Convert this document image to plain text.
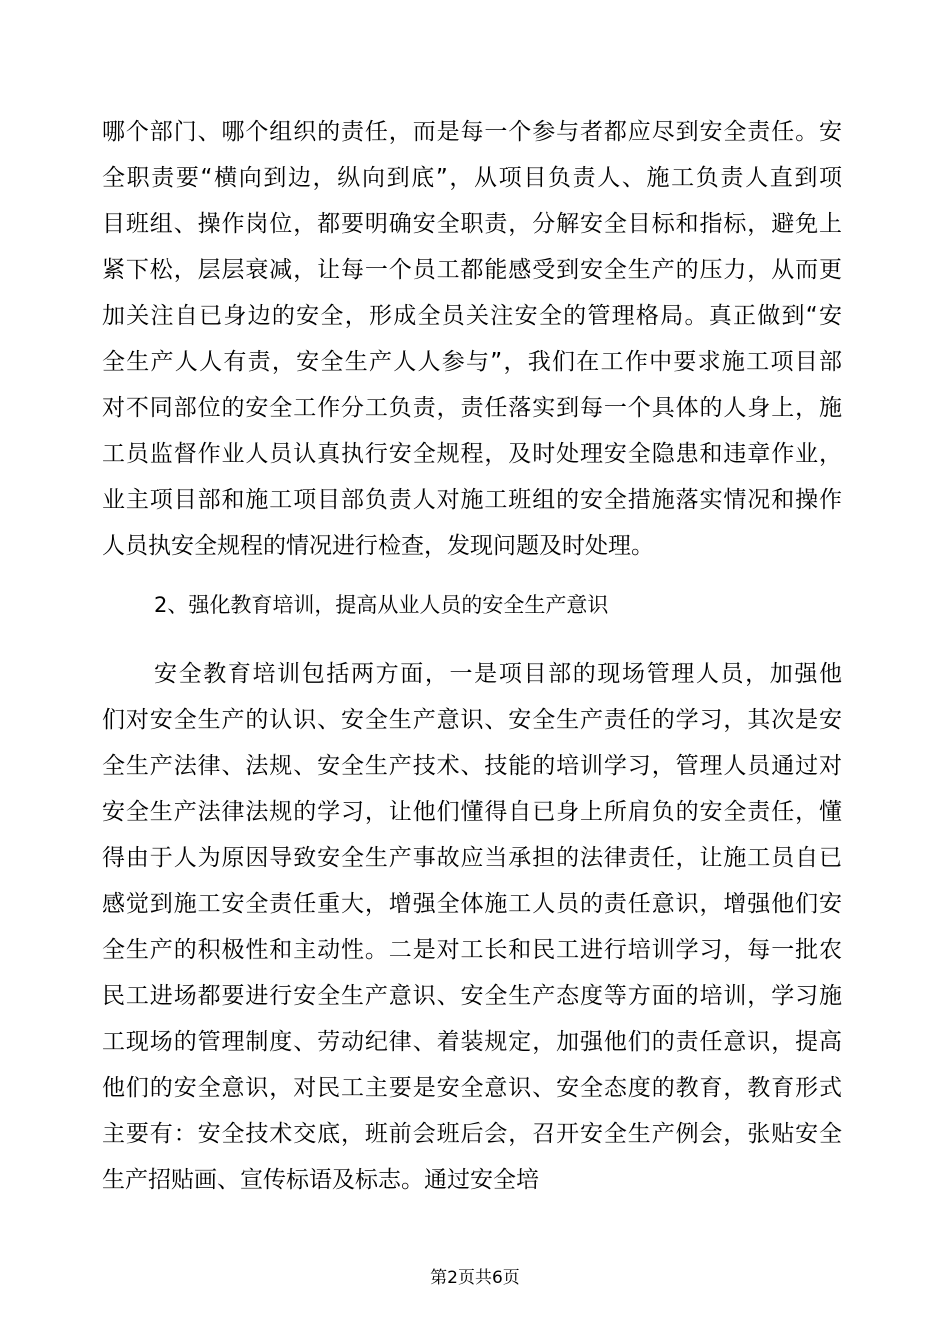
哪个部门、哪个组织的责任，而是每一个参与者都应尽到安全责任。安
全职责要“横向到边，纵向到底”，从项目负责人、施工负责人直到项
目班组、操作岗位，都要明确安全职责，分解安全目标和指标，避免上
紧下松，层层衰减，让每一个员工都能感受到安全生产的压力，从而更
加关注自已身边的安全，形成全员关注安全的管理格局。真正做到“安
全生产人人有责，安全生产人人参与”，我们在工作中要求施工项目部
对不同部位的安全工作分工负责，责任落实到每一个具体的人身上，施
工员监督作业人员认真执行安全规程，及时处理安全隐患和违章作业，
业主项目部和施工项目部负责人对施工班组的安全措施落实情况和操作
人员执安全规程的情况进行检查，发现问题及时处理。
2、强化教育培训，提高从业人员的安全生产意识
安全教育培训包括两方面，一是项目部的现场管理人员，加强他
们对安全生产的认识、安全生产意识、安全生产责任的学习，其次是安
全生产法律、法规、安全生产技术、技能的培训学习，管理人员通过对
安全生产法律法规的学习，让他们懂得自已身上所肩负的安全责任，懂
得由于人为原因导致安全生产事故应当承担的法律责任，让施工员自已
感觉到施工安全责任重大，增强全体施工人员的责任意识，增强他们安
全生产的积极性和主动性。二是对工长和民工进行培训学习，每一批农
民工进场都要进行安全生产意识、安全生产态度等方面的培训，学习施
工现场的管理制度、劳动纪律、着装规定，加强他们的责任意识，提高
他们的安全意识，对民工主要是安全意识、安全态度的教育，教育形式
主要有：安全技术交底，班前会班后会，召开安全生产例会，张贴安全
生产招贴画、宣传标语及标志。通过安全培
第2页共6页
